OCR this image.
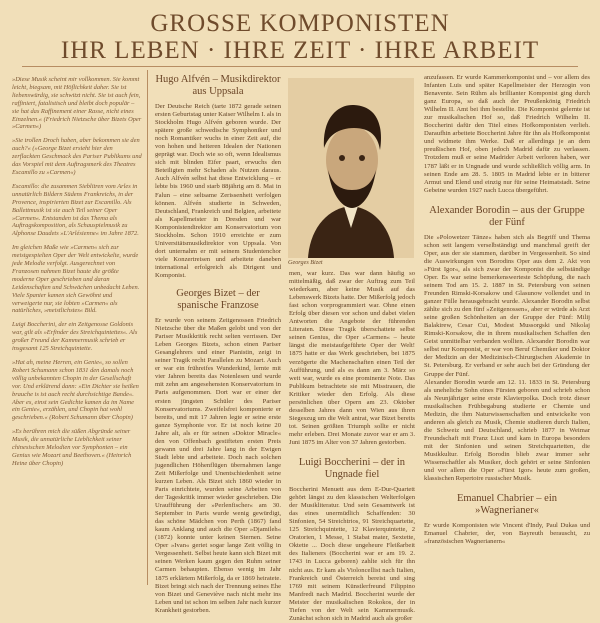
GROSSE KOMPONISTEN
IHR LEBEN · IHRE ZEIT · IHRE ARBEIT

»Diese Musik scheint mir vollkommen. Sie kommt leicht, biegsam, mit Höflichkeit daher. Sie ist liebenswürdig, sie schwitzt nicht. Sie ist auch fein, raffiniert, fatalistisch und bleibt doch populär – sie hat das Raffinement einer Rasse, nicht eines Einzelnen.« (Friedrich Nietzsche über Bizets Oper »Carmen«)

»Sie trollen Droch haben, aber bekommen sie den auch?« (»George Bizet ersieht hier den zerflackten Geschmack des Pariser Publikums und das Vorspiel mit dem Auftragsmerk des Theatres Escamillo zu »Carmen«)

Escamillo: die zusammen Sieblitren vom Arles in unnatürlich Bildern Südens Frankreichs, in der Provence, inspirierten Bizet zur Escamillo. Als Ballettmusik ist sie auch Teil seiner Oper »Carmen«. Entstanden ist das Thema als Auftragskomposition, als Schauspielmusik zu Alphonse Daudets »L'Arlésienne« im Jahre 1872.

Im gleichen Maße wie »Carmen« sich zur meistgespielten Oper der Welt entwickelte, wurde jede Melodie verfolgt. Ausgerechnet von Franzosen nahmen Bizet haute die größte moderne Oper geschrieben und daran Leidenschaften und Schwächen unbedacht Leben. Viele Spanier kamen sich Gewöhnt und verweigerte nur, sie lobten »Carmen« als natürliches, »meistlichstes« Bild.

Luigi Boccherini, der ein Zeitgenosse Goldonis war, gilt als »Erfinder des Streichquintettes«. Als großer Freund der Kammermusik schrieb er insgesamt 125 Streichquintette.

»Hat ah, meine Herren, ein Genie«, so sollen Robert Schumann schon 1831 den damals noch völlig unbekannten Chopin in der Gesellschaft vor. Und erklärend dann: »Ein Dichter sie heißen brauche is ist auch recht durchsichtige Bande«. Aber es, einst sein Gedichte kamen da im Name ein Genie«, erzählen, und Chopin hat wohl geschrieben.« (Robert Schumann über Chopin)

»Es berühren mich die süßen Abgründe seiner Musik, die unnatürliche Lieblichkeit seiner chinesischen Melodien vor Symphonien – ein Genius wie Mozart und Beethoven.« (Heinrich Heine über Chopin)

Hugo Alfvén – Musikdirektor aus Uppsala

Der Deutsche Reich (tarte 1872 gerade seinen ersten Geburtstag unter Kaiser Wilhelm I. als in Stockholm Hugo Alfvén geboren wurde. Der spätere große schwedische Symphoniker und noch Romantiker wuchs in einer Zeit auf, die von hohen und heiteren Idealen der Nationen geprägt war. Doch wie so oft, wenn Idealismus sich mit blinden Eifer paart, erwuchs den Beteiligten mehr Schaden als Nutzen daraus. Auch Alfvén selbst hat diese Entwicklung – er lebte bis 1960 und starb 88jährig am 8. Mai in Falun – eine seltsame Zerissenheit verfolgen können. Alfvén studierte in Schweden, Deutschland, Frankreich und Belgien, arbeitete als Kapellmeister in Dresden und war Komponistendirektor am Konservatorium von Stockholm. Schon 1910 erreichte er zum Universitätsmusikdirektor von Uppsala. Von dort unternahm er mit seinem Studentenchor viele Konzertreisen und arbeitete daneben international erfolgreich als Dirigent und Komponist.

Georges Bizet – der spanische Franzose

Er wurde von seinem Zeitgenossen Friedrich Nietzsche über die Maßen gelobt und von der Pariser Musikkritik recht selten verrissen. Der Leben Georges Bizets, schon einen Pariser Gesanglehrers und einer Pianistin, zeigt in seiner Tragik recht Parallelen zu Mozart. Auch er war ein frühreifes Wunderkind, lernte mit vier Jahren bereits das Notenlesen und wurde mit zehn am angesehensten Konservatorium in Paris aufgenommen. Dort war er einer der ersten jüngsten Schüler des Pariser Konservatoriums. Zweifelsfrei komponierte er bereits, und mit 17 Jahren legte er seine erste ganze Symphonie vor. Er ist noch keine 20 Jahre alt, als er für seinen »Doktor Miracle« den von Offenbach gestifteten ersten Preis gewann und drei Jahre lang in der Ewigen Stadt lebte und arbeitete. Doch nach solchen jugendlichen Höhenflügen übernahmen lange Zeit Mißerfolge und Unentschiedenheit seine kurzen Leben. Als Bizet sich 1860 wieder in Paris einrichtete, wurden seine Arbeiten von der Tageskritik immer wieder geschrieben. Die Uraufführung der »Perlenfischer« am 30. September in Paris wurde wenig gewürdigt, das schöne Mädchen von Perth (1867) fand kaum Anklang und auch die Oper »Djamileh« (1872) konnte unter keinen Sternen. Seine Oper »Ivan« geriet sogar lange Zeit völlig in Vergessenheit. Selbst heute kann sich Bizet mit seinen Werken kaum gegen den Ruhm seiner Carmen behaupten. Ebenso wenig im Jahr 1875 erklärtem Mißerfolg, da er 1869 heiratete. Bizet bringt sich nach der Trennung seines Ehe von Bizet und Geneviève nach nicht mehr ins Leben und ist schon im selben Jahr nach kurzer Krankheit gestorben.

Georges Bizet

men, war kurz. Das war dann häufig so mittelmäßig, daß zwar der Auftrag zum Teil wiederkam, aber keine Musik auf das Lebenswerk Bizets hatte. Der Mißerfolg jedoch fast schon vorprogrammiert war. Ohne einen Erfolg über diesen vor schon und dabei vielen Antworten die Angebote der führenden Literaten. Diese Tragik überschattete selbst seinen Genius, die Oper »Carmen« – heute längst die meistaufgeführte Oper der Welt! 1875 hatte er das Werk geschrieben, bei 1875 verzögerte die Machenschaften einen Teil der Aufführung, und als es dann am 3. März so weit war, wurde es eine prominente Note. Das Publikum betrachtete sie mit Misstrauen, die Kritiker wieder den Erfolg. Als diese persönlichen über Opern am 23. Oktober desselben Jahres dann von Wien aus ihren Siegeszug um die Welt antrat, war Bizet bereits tot. Seinen größten Triumph sollte er nicht mehr erleben. Drei Monate zuvor war er am 3. Juni 1875 im Alter von 37 Jahren gestorben.

Luigi Boccherini – der in Ungnade fiel

Boccherini Menuett aus dem E-Dur-Quartett gehört längst zu den klassischen Welterfolgen der Musikliteratur. Und sein Gesamtwerk ist das eines unermüdlich Schaffenden: 30 Sinfonien, 54 Streichtrios, 91 Streichquartette, 125 Streichquintette, 12 Klavierquintette, 2 Oratorien, 1 Messe, 1 Stabat mater, Sextette, Oktette ... Doch diese ungeheure Fleißarbeit des Italieners (Boccherini war er am 19. 2. 1743 in Lucca geboren) zahlte sich für ihn nicht aus. Er kam als Violoncellist nach Italien, Frankreich und Österreich bereist und sing 1769 mit seinem Künstlerfreund Filippino Manfredi nach Madrid. Boccherini wurde der Meister der musikalischen Rokokos, der in Tiefen von der Welt sein Kammermusik. Zunächst schon sich in Madrid auch als großer

anzufassen. Er wurde Kammerkomponist und – vor allem des Infanten Luis und später Kapellmeister der Herzogin von Benavente. Sein Rühm als brillianter Komponist ging durch ganz Europa, so daß auch der Preußenkönig Friedrich Wilhelm II. Amt bei ihm bestellte. Die Komponist gelernte ist zur musikalischen Hof so, daß Friedrich Wilhelm II. Boccherini dafür den Titel eines Hofkomponisten verlieh. Daraufhin arbeitete Boccherini Jahre für ihn als Hofkomponist und widmete ihm Werke. Daß er allerdings je an dem preußischen Hof, oben jedoch Madrid dafür zu verlassen. Trotzdem muß er seine Madrider Arbeit verloren haben, wer 1787 läßt er in Ungnade und wurde schließlich völlig arm. In seinen Ende am 28. 5. 1805 in Madrid lebte er in bitterer Armut und Elend und einzig nur für seine Heimatstadt. Seine Gebeine wurden 1927 nach Lucca übergeführt.

Alexander Borodin – aus der Gruppe der Fünf

Die »Polowetzer Tänze« haben sich als Begriff und Thema schon seit langem verselbständigt und manchmal greift der Oper, aus der sie stammen, darüber in Vergessenheit. So sind die Auswirkungen von Borodins Oper aus dem 2. Akt von »Fürst Igor«, als sich zwar der Komponist die selbständige Oper. Es war seine bemerkenswerteste Schöpfung, die nach seinem Tod am 15. 2. 1887 in St. Petersburg von seinen Freunden Rimski-Korsakow und Glasunow vollendet und in ganzer Fülle herausgebracht wurde. Alexander Borodin selbst zählte sich zu den fünf »Zeitgenossen«, aber er würde als Arzt seine großen Schönheiten an der Gruppe der Fünf: Milij Balakirew, Cesar Cui, Modest Mussorgski und Nikolaj Rimski-Korsakow, die in ihrem musikalischen Schaffen den Geist unmittelbar verbanden wollten. Alexander Borodin war selbst nur Komponist, er war von Beruf Chemiker und Doktor der Medizin an der Medizinisch-Chirurgischen Akademie in St. Petersburg. Er verband er sehr auch bei der Gründung der Gruppe der Fünf.

Alexander Borodin wurde am 12. 11. 1833 in St. Petersburg als uneheliche Sohn eines Fürsten geboren und schrieb schon als Neunjähriger seine erste Klavierpolka. Doch trotz dieser musikalischen Frühbegabung studierte er Chemie und Medizin, die ihm Naturwissenschaften und entwickelte von anderen als gleich zu Musik, Chemie studieren durch Italien, die Schweiz und Deutschland, schrieb 1877 in Weimar Freundschaft mit Franz Liszt und kam in Europa besonders mit der Sinfonien und seinen Streichquartetten, die Musikkultur. Erfolg Borodin blieb zwar immer sehr Wissenschaftler als Musiker, doch gehört er seine Sinfonien und vor allem die Oper »Fürst Igor« heute zum großen, klassischen Repertoire russischer Musik.

Emanuel Chabrier – ein »Wagnerianer«

Er wurde Komponisten wie Vincent d'Indy, Paul Dukas und Emanuel Chabrier, der, von Bayreuth berauscht, zu »französischen Wagnerianern«
